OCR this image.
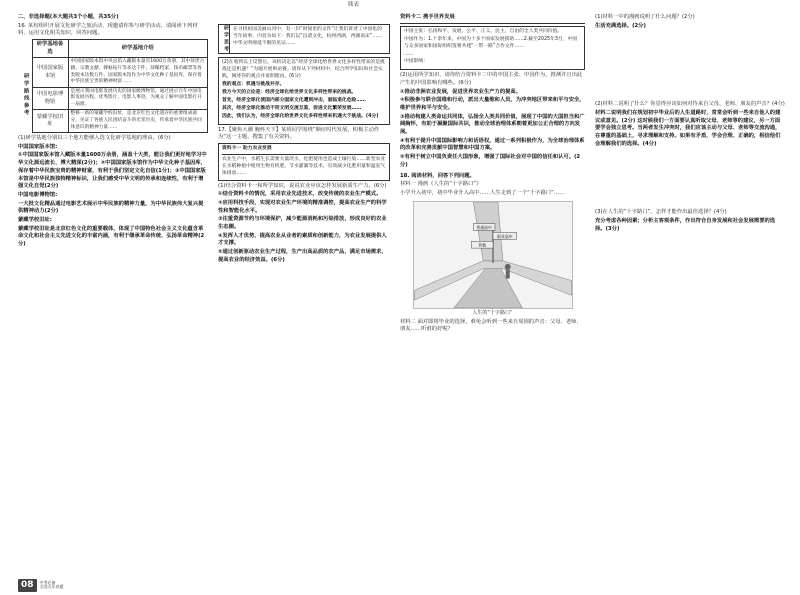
续表

二、非选择题(本大题共3个小题，共35分)

16. 某校组织开展文化研学之旅活动，现邀请你参与研学活动。请阅读下列材料，运用文化相关知识，回答问题。

	研学基地备选	研学基地介绍
研学路线参考	中国国家版本馆	中国国家版本馆中央总馆入藏版本量有1600万余册，其中珍贵古籍、宗教文献、碑帖拓片等多达千件，珍稀档案、钱币邮票等各类版本达数万件。国家版本馆作为中华文化种子基因库，保存着中华民族宝贵的精神财富……
	中国电影博物馆	是展示我国电影发展历史的国家级博物馆，通过展示百年中国电影发展历程、优秀影片、电影人事迹，为观众了解中国电影打开一扇窗。
	蒙藏学校旧址	整修一新的蒙藏学校旧址，是北京红色文化遗存的重要组成部分，见证了各族人民团结奋斗的光荣历史，传承着中华民族共同体意识的精神力量……

(1)研学基地分别以三个地方能够入选文化研学基地的理由。(6分)

中国国家版本馆:

①中国国家版本馆入藏版本量1600万余册，涵盖十大类，能让我们更好地学习中华文化源远流长、博大精深(2分)；②中国国家版本馆作为中华文化种子基因库，保存着中华民族宝贵的精神财富，有利于我们坚定文化自信(1分)；③中国国家版本馆是中华民族独特精神标识，让我们感受中华文明的传承和连续性，有利于增强文化自觉(2分)

中国电影博物馆:

一大批文化精品通过电影艺术展示中华民族的精神力量，为中华民族伟大复兴提供精神动力(2分)

蒙藏学校旧址:

蒙藏学校旧址是北京红色文化的重要载体，体现了中国特色社会主义文化蕴含革命文化和社会主义先进文化的丰富内涵，有利于继承革命传统、弘扬革命精神(2分)

研学思考 在寻找祖国美丽山河中，有一封“时间里的文件”让我们讲述了中国化的当年故事，内容为如下：我们以“良渚文化，杭州西湖，西湖南宋”……中华文明绵延不断的见证……

(2)在收到以上反馈后，该校决定以“经济全球化给世界文化多样性带来的是挑战还是机遇？”为题开展辩论赛。请你从下列材料中，结合所学知识和社会实践，阐述你的观点并说明理由。(6分)

我的观点：机遇与挑战并存。

我方今天的立论是：经济全球化给世界文化多样性带来的挑战。

首先，经济全球化使国内部分国家文化遭到冲击，面临退化危险……

其次，经济全球化推动不同文明交流互鉴，促进文化繁荣发展……

因此，我们认为，经济全球化给世界文化多样性带来机遇大于挑战。(4分)

17.【聚焦大潮 胸怀天下】某班同学围绕“顺应时代发展，积极主动作为”这一主题，搜集了有关资料。

资料卡一 助力农业发展
农业生产中，水稻生长需要大量淡水，化肥使用也造成土壤污染……新型农业在水稻种植中使用生物有机肥、节水灌溉等技术，有效减少化肥用量和温室气体排放……

(1)结合资料卡一和所学知识，说说农业应该怎样发展新质生产力。(6分)

①结合资料卡的情况，采用农业先进技术，改变传统的农业生产模式。

②应用科技手段，实现对农业生产环境的精准调控，提高农业生产的科学性和智能化水平。

③注重资源节约与环境保护，减少能源消耗和污染排放，形成良好的农业生态圈。

④发挥人才优势，提高农业从业者的素质和创新能力，为农业发展提供人才支撑。

⑤通过创新驱动农业生产过程，生产出高品质的农产品，满足市场需求，提高农业的经济效益。(6分)

资料卡二 携手世界发展

中国主张：弘扬和平、发展、公平、正义、民主、自由的全人类共同价值。

中国作为：1.十余年来，中国为十多个国家发展援助……2.截至2025年3月，中国与众多国家和国际组织签署共建“一带一路”合作文件……

……

中国影响：

(2)运用所学知识，请你结合资料卡二中的中国主张、中国作为，推测并且出此产生的中国影响有哪些。(6分)

①推动非洲农业发展，促进世界农业生产力的提高。

②积极参与联合国维和行动，派出大量维和人员，为冲突地区带来和平与安全，维护世界和平与安全。

③推动构建人类命运共同体，弘扬全人类共同价值，展现了中国的大国担当和广阔胸怀，有助于凝聚国际共识，推动全球治理体系朝着更加公正合理的方向发展。

④有利于提升中国国际影响力和话语权，通过一系列积极作为，为全球治理体系的改革和完善贡献中国智慧和中国方案。

⑤有利于树立中国负责任大国形象，增强了国际社会对中国的信任和认可。(2分)

18. 阅读材料，回答下列问题。

材料一 漫画《人生的“十字路口”》

小学升入初中，初中毕业升入高中……人生走到了一个“十字路口”……

普通高中
职业高中
其他
人生的“十字路口”

材料二 面对即将毕业的选择，难免会听到一些来自周围的声音：父母、老师、朋友……听谁的好呢？

(1)材料一中的漫画说明了什么问题？(2分)

生活充满选择。(2分)

(2)材料二说明了什么？你觉得应该如何对待来自父母、老师、朋友的声音？(4分)

材料二说明我们在规划初中毕业后的人生道路时，常常会听到一些来自他人的建议或意见。(2分) 这时候我们一方面要认真听取父母、老师等的建议，另一方面要学会独立思考。当两者发生冲突时，我们应该主动与父母、老师等交流沟通，在尊重的基础上，寻求理解和支持。如果有矛盾，学会合理、正确的，相信他们会理解我们的选择。(4分)

(3)在人生的“十字路口”，怎样才能作出最佳选择？(4分)

充分考虑各种因素；分析主客观条件，作出符合自身发展和社会发展需要的选择。(3分)

08	中考必备
全国五年真题
